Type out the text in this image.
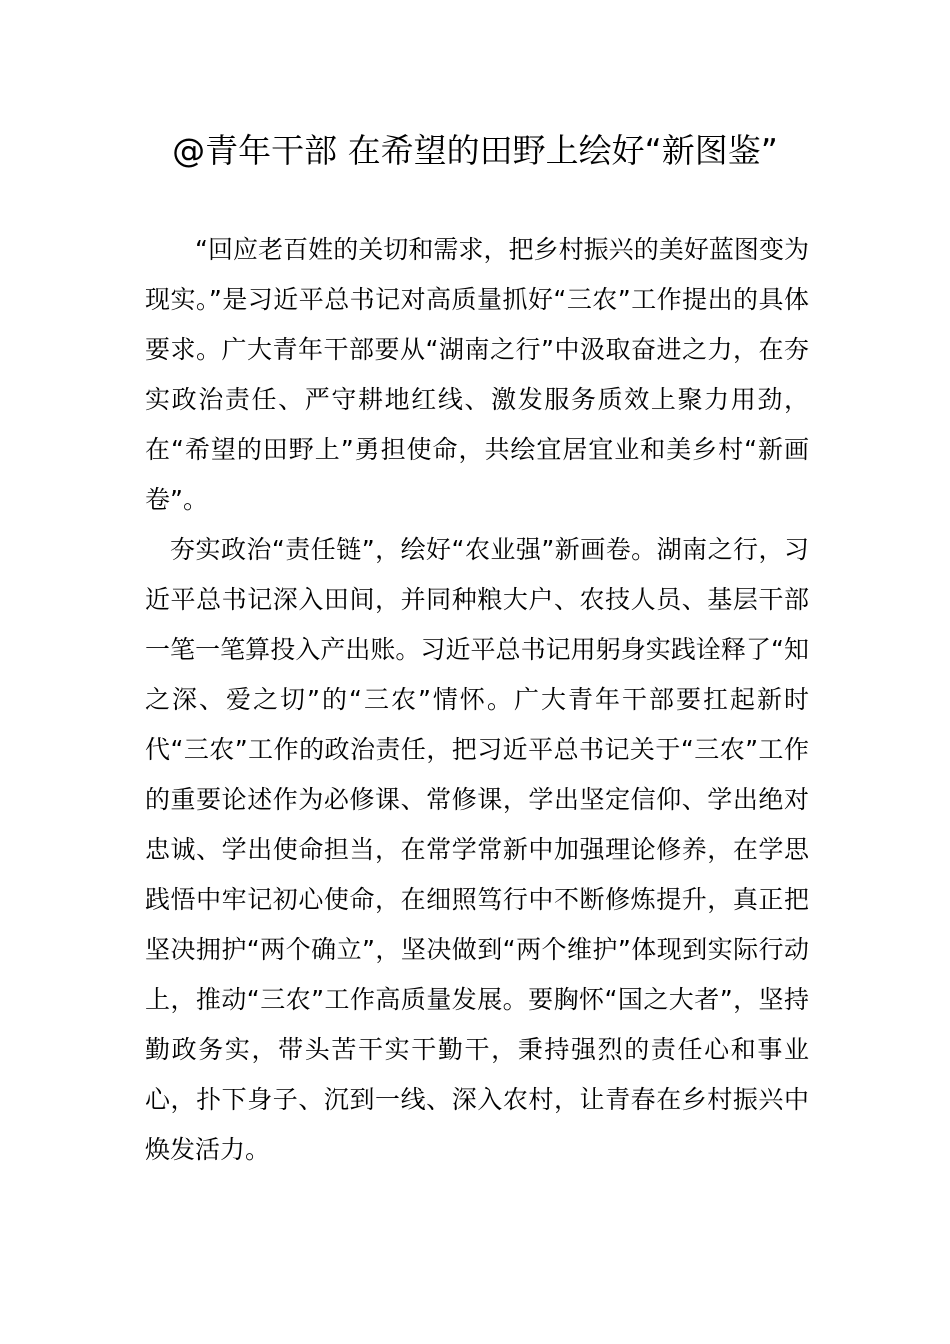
@青年干部 在希望的田野上绘好“新图鉴”

“回应老百姓的关切和需求，把乡村振兴的美好蓝图变为现实。”是习近平总书记对高质量抓好“三农”工作提出的具体要求。广大青年干部要从“湖南之行”中汲取奋进之力，在夯实政治责任、严守耕地红线、激发服务质效上聚力用劲，在“希望的田野上”勇担使命，共绘宜居宜业和美乡村“新画卷”。

夯实政治“责任链”，绘好“农业强”新画卷。湖南之行，习近平总书记深入田间，并同种粮大户、农技人员、基层干部一笔一笔算投入产出账。习近平总书记用躬身实践诠释了“知之深、爱之切”的“三农”情怀。广大青年干部要扛起新时代“三农”工作的政治责任，把习近平总书记关于“三农”工作的重要论述作为必修课、常修课，学出坚定信仰、学出绝对忠诚、学出使命担当，在常学常新中加强理论修养，在学思践悟中牢记初心使命，在细照笃行中不断修炼提升，真正把坚决拥护“两个确立”，坚决做到“两个维护”体现到实际行动上，推动“三农”工作高质量发展。要胸怀“国之大者”，坚持勤政务实，带头苦干实干勤干，秉持强烈的责任心和事业心，扑下身子、沉到一线、深入农村，让青春在乡村振兴中焕发活力。
